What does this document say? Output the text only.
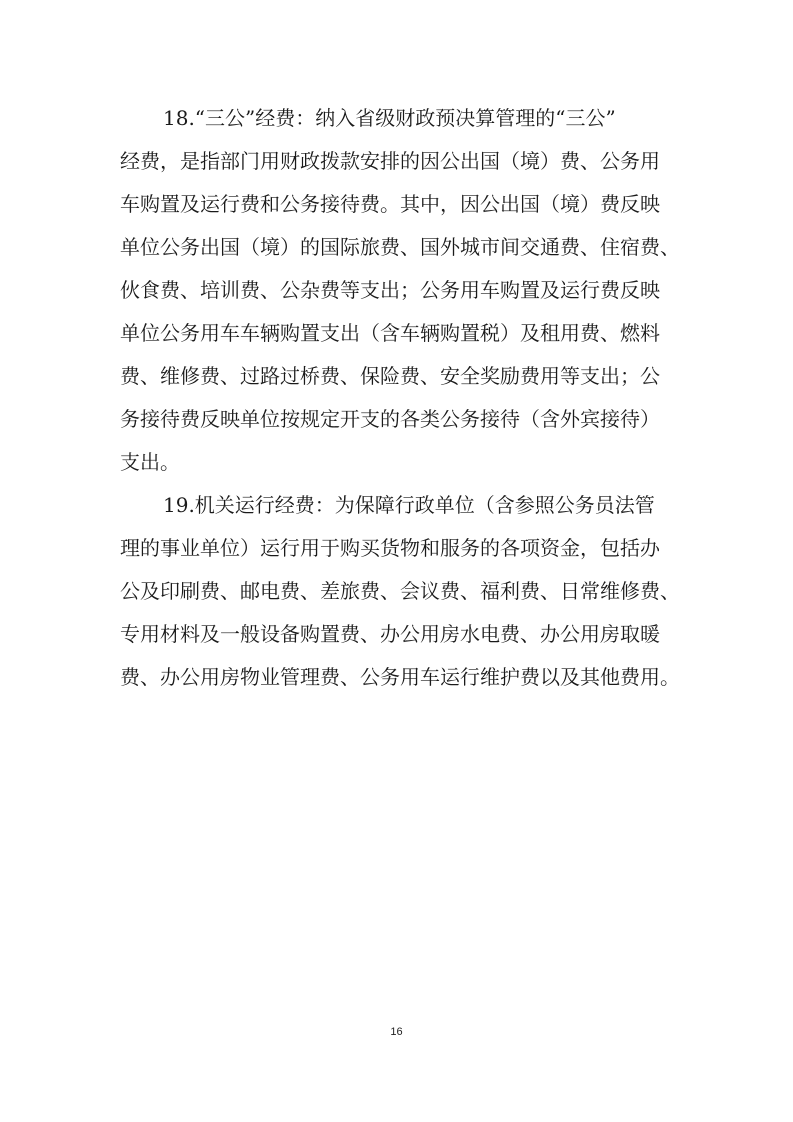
18.“三公”经费：纳入省级财政预决算管理的“三公”
经费，是指部门用财政拨款安排的因公出国（境）费、公务用
车购置及运行费和公务接待费。其中，因公出国（境）费反映
单位公务出国（境）的国际旅费、国外城市间交通费、住宿费、
伙食费、培训费、公杂费等支出；公务用车购置及运行费反映
单位公务用车车辆购置支出（含车辆购置税）及租用费、燃料
费、维修费、过路过桥费、保险费、安全奖励费用等支出；公
务接待费反映单位按规定开支的各类公务接待（含外宾接待）
支出。
19.机关运行经费：为保障行政单位（含参照公务员法管
理的事业单位）运行用于购买货物和服务的各项资金，包括办
公及印刷费、邮电费、差旅费、会议费、福利费、日常维修费、
专用材料及一般设备购置费、办公用房水电费、办公用房取暖
费、办公用房物业管理费、公务用车运行维护费以及其他费用。
16
